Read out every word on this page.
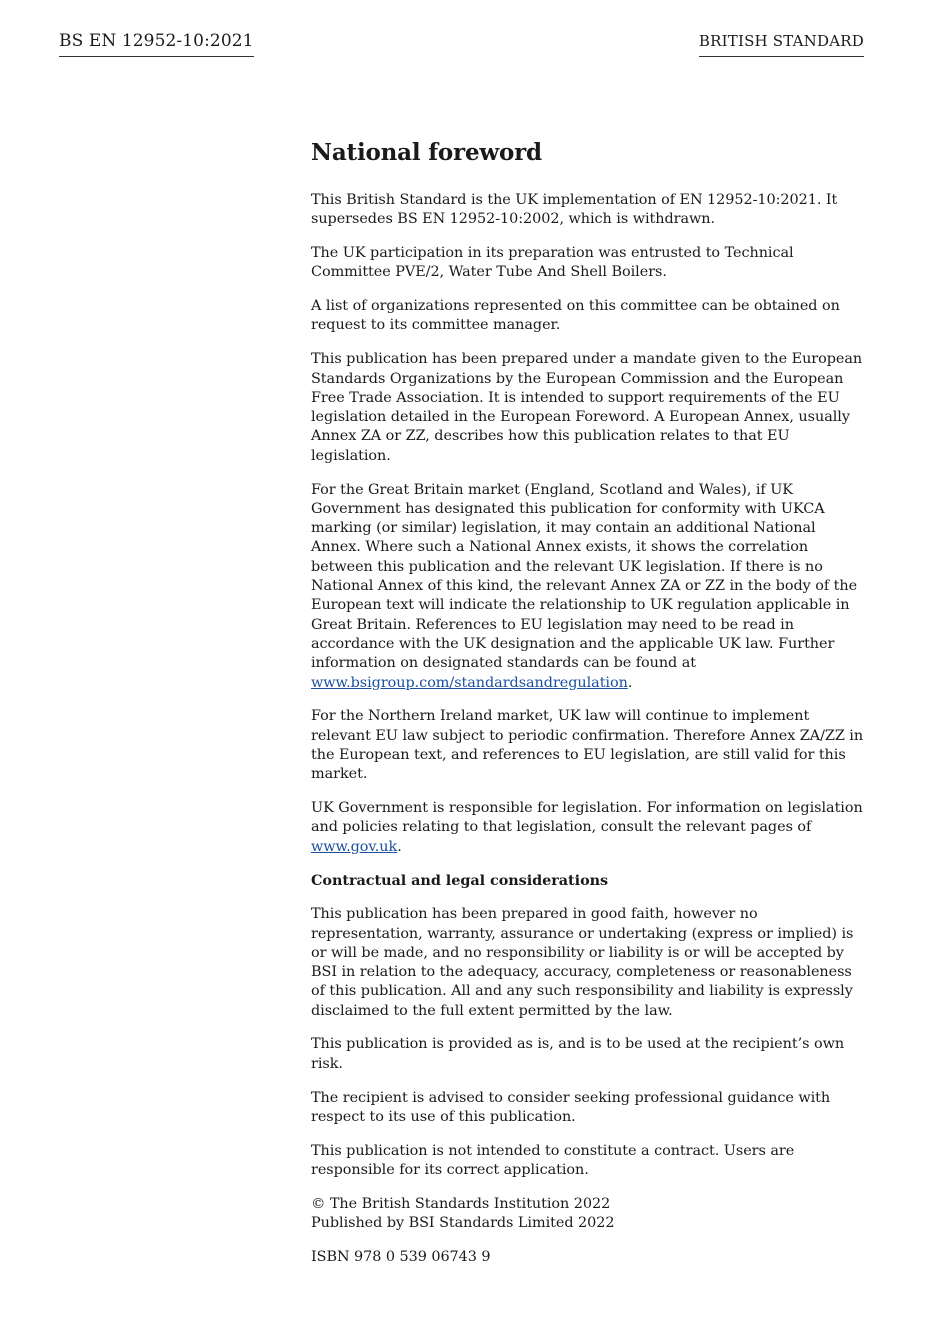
BS EN 12952-10:2021	BRITISH STANDARD
National foreword

This British Standard is the UK implementation of EN 12952-10:2021. It supersedes BS EN 12952-10:2002, which is withdrawn.

The UK participation in its preparation was entrusted to Technical Committee PVE/2, Water Tube And Shell Boilers.

A list of organizations represented on this committee can be obtained on request to its committee manager.

This publication has been prepared under a mandate given to the European Standards Organizations by the European Commission and the European Free Trade Association. It is intended to support requirements of the EU legislation detailed in the European Foreword. A European Annex, usually Annex ZA or ZZ, describes how this publication relates to that EU legislation.

For the Great Britain market (England, Scotland and Wales), if UK Government has designated this publication for conformity with UKCA marking (or similar) legislation, it may contain an additional National Annex. Where such a National Annex exists, it shows the correlation between this publication and the relevant UK legislation. If there is no National Annex of this kind, the relevant Annex ZA or ZZ in the body of the European text will indicate the relationship to UK regulation applicable in Great Britain. References to EU legislation may need to be read in accordance with the UK designation and the applicable UK law. Further information on designated standards can be found at www.bsigroup.com/standardsandregulation.

For the Northern Ireland market, UK law will continue to implement relevant EU law subject to periodic confirmation. Therefore Annex ZA/ZZ in the European text, and references to EU legislation, are still valid for this market.

UK Government is responsible for legislation. For information on legislation and policies relating to that legislation, consult the relevant pages of www.gov.uk.

Contractual and legal considerations

This publication has been prepared in good faith, however no representation, warranty, assurance or undertaking (express or implied) is or will be made, and no responsibility or liability is or will be accepted by BSI in relation to the adequacy, accuracy, completeness or reasonableness of this publication. All and any such responsibility and liability is expressly disclaimed to the full extent permitted by the law.

This publication is provided as is, and is to be used at the recipient’s own risk.

The recipient is advised to consider seeking professional guidance with respect to its use of this publication.

This publication is not intended to constitute a contract. Users are responsible for its correct application.

© The British Standards Institution 2022
Published by BSI Standards Limited 2022

ISBN 978 0 539 06743 9
